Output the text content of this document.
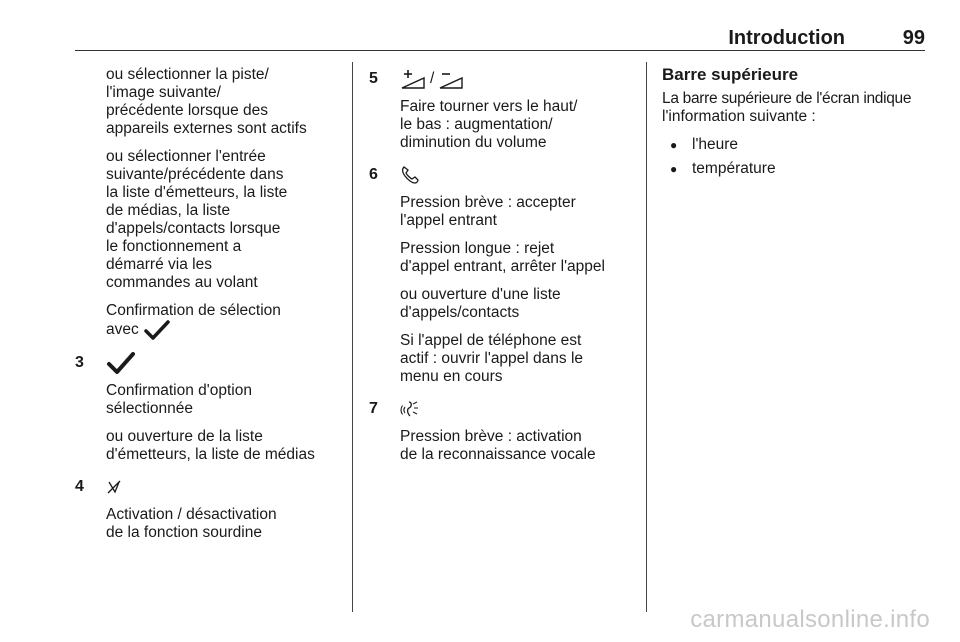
Introduction	99

ou sélectionner la piste/
l'image suivante/
précédente lorsque des
appareils externes sont actifs

ou sélectionner l'entrée
suivante/précédente dans
la liste d'émetteurs, la liste
de médias, la liste
d'appels/contacts lorsque
le fonctionnement a
démarré via les
commandes au volant

Confirmation de sélection
avec

3

Confirmation d'option
sélectionnée

ou ouverture de la liste
d'émetteurs, la liste de médias

4

Activation / désactivation
de la fonction sourdine

5	/

Faire tourner vers le haut/
le bas : augmentation/
diminution du volume

6

Pression brève : accepter
l'appel entrant

Pression longue : rejet
d'appel entrant, arrêter l'appel

ou ouverture d'une liste
d'appels/contacts

Si l'appel de téléphone est
actif : ouvrir l'appel dans le
menu en cours

7

Pression brève : activation
de la reconnaissance vocale

Barre supérieure

La barre supérieure de l'écran indique
l'information suivante :

● l'heure
● température
carmanualsonline.info
